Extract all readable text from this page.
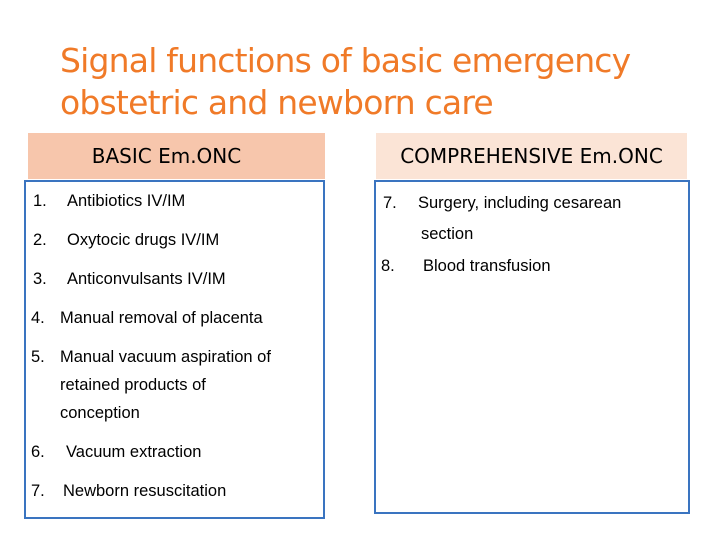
Signal functions of basic emergency
obstetric and newborn care
BASIC Em.ONC
1. Antibiotics IV/IM
2. Oxytocic drugs IV/IM
3. Anticonvulsants IV/IM
4. Manual removal of placenta
5. Manual vacuum aspiration of
retained products of
conception
6. Vacuum extraction
7. Newborn resuscitation
COMPREHENSIVE Em.ONC
7. Surgery, including cesarean
section
8. Blood transfusion
